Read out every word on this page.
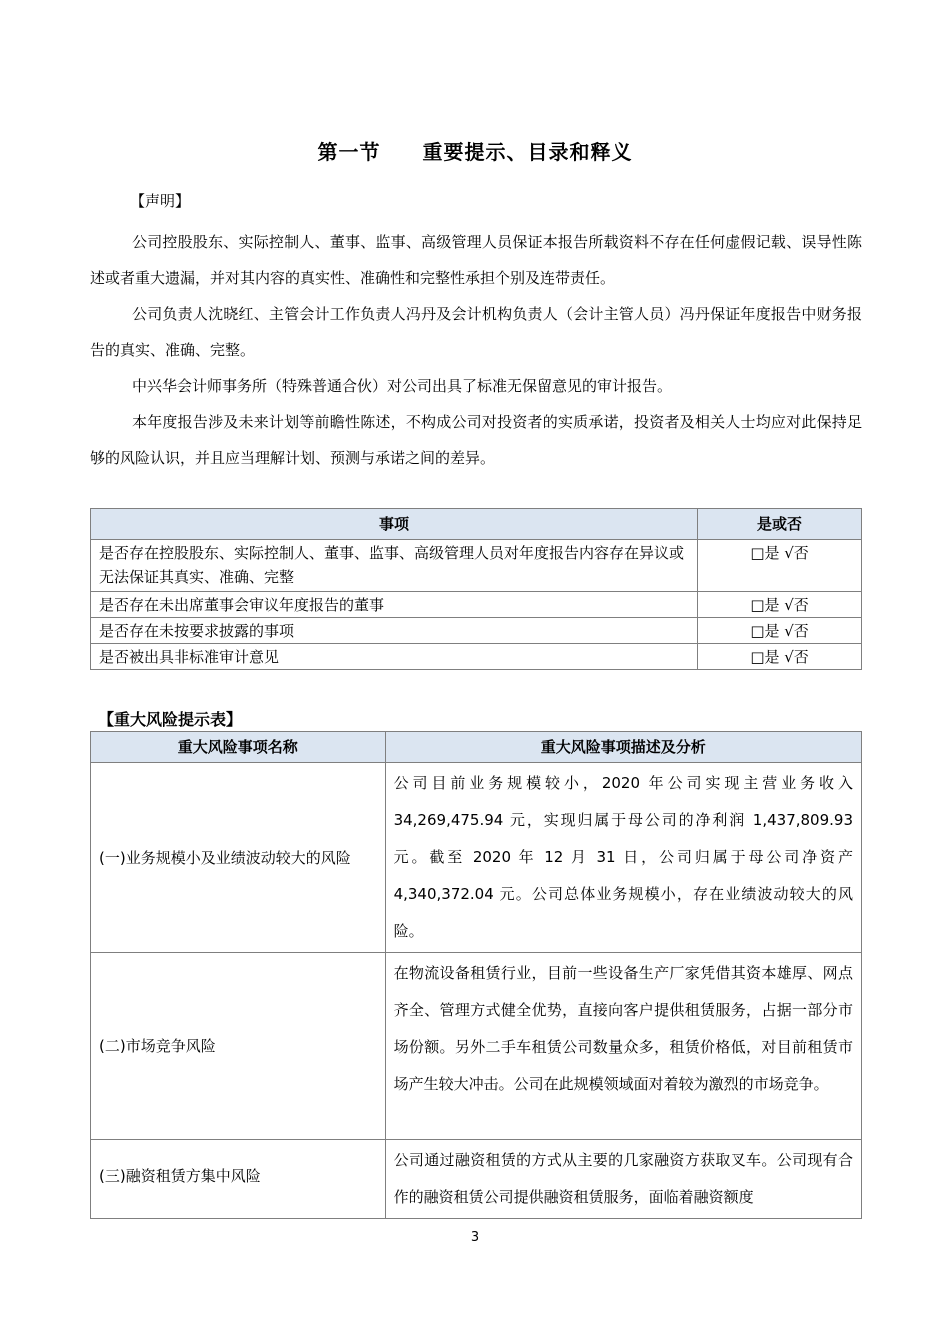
第一节　　重要提示、目录和释义
【声明】

公司控股股东、实际控制人、董事、监事、高级管理人员保证本报告所载资料不存在任何虚假记载、误导性陈述或者重大遗漏，并对其内容的真实性、准确性和完整性承担个别及连带责任。

公司负责人沈晓红、主管会计工作负责人冯丹及会计机构负责人（会计主管人员）冯丹保证年度报告中财务报告的真实、准确、完整。

中兴华会计师事务所（特殊普通合伙）对公司出具了标准无保留意见的审计报告。

本年度报告涉及未来计划等前瞻性陈述，不构成公司对投资者的实质承诺，投资者及相关人士均应对此保持足够的风险认识，并且应当理解计划、预测与承诺之间的差异。

事项	是或否
是否存在控股股东、实际控制人、董事、监事、高级管理人员对年度报告内容存在异议或无法保证其真实、准确、完整	□是 √否
是否存在未出席董事会审议年度报告的董事	□是 √否
是否存在未按要求披露的事项	□是 √否
是否被出具非标准审计意见	□是 √否
【重大风险提示表】
重大风险事项名称	重大风险事项描述及分析
(一)业务规模小及业绩波动较大的风险	公司目前业务规模较小，2020 年公司实现主营业务收入34,269,475.94 元，实现归属于母公司的净利润 1,437,809.93元。截至 2020 年 12 月 31 日，公司归属于母公司净资产4,340,372.04 元。公司总体业务规模小，存在业绩波动较大的风险。
(二)市场竞争风险	在物流设备租赁行业，目前一些设备生产厂家凭借其资本雄厚、网点齐全、管理方式健全优势，直接向客户提供租赁服务，占据一部分市场份额。另外二手车租赁公司数量众多，租赁价格低，对目前租赁市场产生较大冲击。公司在此规模领域面对着较为激烈的市场竞争。
(三)融资租赁方集中风险	公司通过融资租赁的方式从主要的几家融资方获取叉车。公司现有合作的融资租赁公司提供融资租赁服务，面临着融资额度
3
